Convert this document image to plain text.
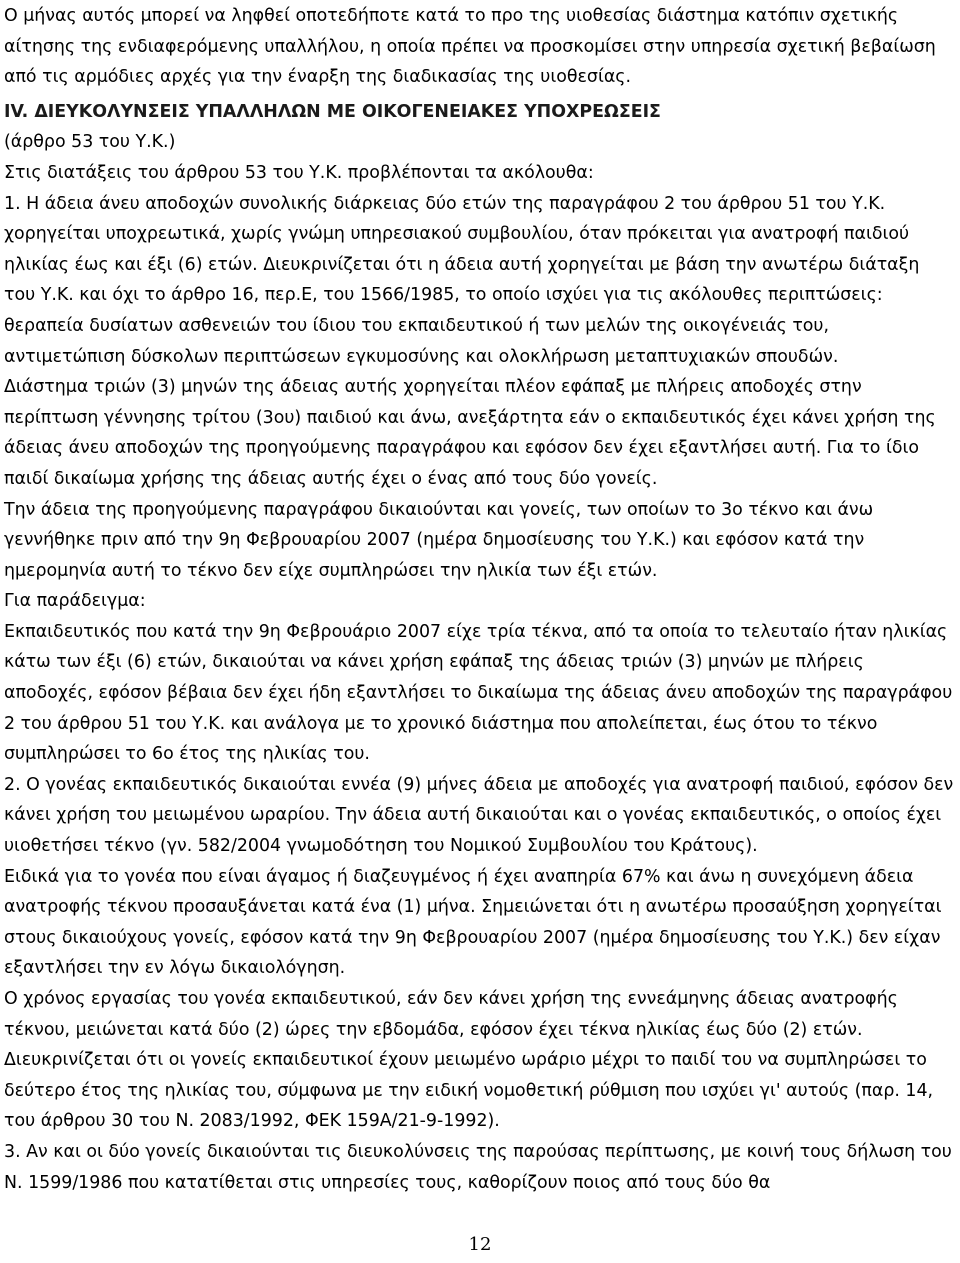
Ο μήνας αυτός μπορεί να ληφθεί οποτεδήποτε κατά το προ της υιοθεσίας διάστημα κατόπιν σχετικής αίτησης της ενδιαφερόμενης υπαλλήλου, η οποία πρέπει να προσκομίσει στην υπηρεσία σχετική βεβαίωση από τις αρμόδιες αρχές για την έναρξη της διαδικασίας της υιοθεσίας.

IV. ΔΙΕΥΚΟΛΥΝΣΕΙΣ ΥΠΑΛΛΗΛΩΝ ΜΕ ΟΙΚΟΓΕΝΕΙΑΚΕΣ ΥΠΟΧΡΕΩΣΕΙΣ

(άρθρο 53 του Υ.Κ.)

Στις διατάξεις του άρθρου 53 του Υ.Κ. προβλέπονται τα ακόλουθα:

1. Η άδεια άνευ αποδοχών συνολικής διάρκειας δύο ετών της παραγράφου 2 του άρθρου 51 του Υ.Κ. χορηγείται υποχρεωτικά, χωρίς γνώμη υπηρεσιακού συμβουλίου, όταν πρόκειται για ανατροφή παιδιού ηλικίας έως και έξι (6) ετών. Διευκρινίζεται ότι η άδεια αυτή χορηγείται με βάση την ανωτέρω διάταξη του Υ.Κ. και όχι το άρθρο 16, περ.Ε, του 1566/1985, το οποίο ισχύει για τις ακόλουθες περιπτώσεις: θεραπεία δυσίατων ασθενειών του ίδιου του εκπαιδευτικού ή των μελών της οικογένειάς του, αντιμετώπιση δύσκολων περιπτώσεων εγκυμοσύνης και ολοκλήρωση μεταπτυχιακών σπουδών.

Διάστημα τριών (3) μηνών της άδειας αυτής χορηγείται πλέον εφάπαξ με πλήρεις αποδοχές στην περίπτωση γέννησης τρίτου (3ου) παιδιού και άνω, ανεξάρτητα εάν ο εκπαιδευτικός έχει κάνει χρήση της άδειας άνευ αποδοχών της προηγούμενης παραγράφου και εφόσον δεν έχει εξαντλήσει αυτή. Για το ίδιο παιδί δικαίωμα χρήσης της άδειας αυτής έχει ο ένας από τους δύο γονείς.

Την άδεια της προηγούμενης παραγράφου δικαιούνται και γονείς, των οποίων το 3ο τέκνο και άνω γεννήθηκε πριν από την 9η Φεβρουαρίου 2007 (ημέρα δημοσίευσης του Υ.Κ.) και εφόσον κατά την ημερομηνία αυτή το τέκνο δεν είχε συμπληρώσει την ηλικία των έξι ετών.

Για παράδειγμα:

Εκπαιδευτικός που κατά την 9η Φεβρουάριο 2007 είχε τρία τέκνα, από τα οποία το τελευταίο ήταν ηλικίας κάτω των έξι (6) ετών, δικαιούται να κάνει χρήση εφάπαξ της άδειας τριών (3) μηνών με πλήρεις αποδοχές, εφόσον βέβαια δεν έχει ήδη εξαντλήσει το δικαίωμα της άδειας άνευ αποδοχών της παραγράφου 2 του άρθρου 51 του Υ.Κ. και ανάλογα με το χρονικό διάστημα που απολείπεται, έως ότου το τέκνο συμπληρώσει το 6ο έτος της ηλικίας του.

2. Ο γονέας εκπαιδευτικός δικαιούται εννέα (9) μήνες άδεια με αποδοχές για ανατροφή παιδιού, εφόσον δεν κάνει χρήση του μειωμένου ωραρίου. Την άδεια αυτή δικαιούται και ο γονέας εκπαιδευτικός, ο οποίος έχει υιοθετήσει τέκνο (γν. 582/2004 γνωμοδότηση του Νομικού Συμβουλίου του Κράτους).

Ειδικά για το γονέα που είναι άγαμος ή διαζευγμένος ή έχει αναπηρία 67% και άνω η συνεχόμενη άδεια ανατροφής τέκνου προσαυξάνεται κατά ένα (1) μήνα. Σημειώνεται ότι η ανωτέρω προσαύξηση χορηγείται στους δικαιούχους γονείς, εφόσον κατά την 9η Φεβρουαρίου 2007 (ημέρα δημοσίευσης του Υ.Κ.) δεν είχαν εξαντλήσει την εν λόγω δικαιολόγηση.

Ο χρόνος εργασίας του γονέα εκπαιδευτικού, εάν δεν κάνει χρήση της εννεάμηνης άδειας ανατροφής τέκνου, μειώνεται κατά δύο (2) ώρες την εβδομάδα, εφόσον έχει τέκνα ηλικίας έως δύο (2) ετών.

Διευκρινίζεται ότι οι γονείς εκπαιδευτικοί έχουν μειωμένο ωράριο μέχρι το παιδί του να συμπληρώσει το δεύτερο έτος της ηλικίας του, σύμφωνα με την ειδική νομοθετική ρύθμιση που ισχύει γι' αυτούς (παρ. 14, του άρθρου 30 του Ν. 2083/1992, ΦΕΚ 159Α/21-9-1992).

3. Αν και οι δύο γονείς δικαιούνται τις διευκολύνσεις της παρούσας περίπτωσης, με κοινή τους δήλωση του Ν. 1599/1986 που κατατίθεται στις υπηρεσίες τους, καθορίζουν ποιος από τους δύο θα

12
